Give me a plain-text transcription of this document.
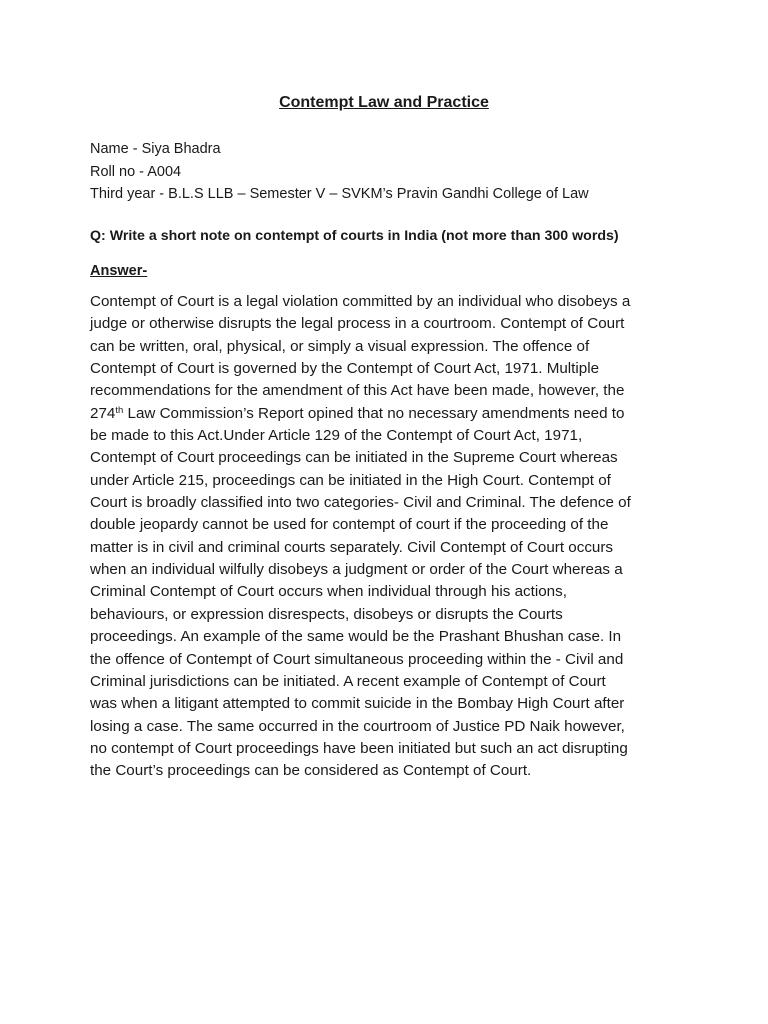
Contempt Law and Practice
Name - Siya Bhadra
Roll no - A004
Third year - B.L.S LLB – Semester V – SVKM’s Pravin Gandhi College of Law
Q: Write a short note on contempt of courts in India (not more than 300 words)
Answer-
Contempt of Court is a legal violation committed by an individual who disobeys a
judge or otherwise disrupts the legal process in a courtroom. Contempt of Court
can be written, oral, physical, or simply a visual expression. The offence of
Contempt of Court is governed by the Contempt of Court Act, 1971. Multiple
recommendations for the amendment of this Act have been made, however, the
274th Law Commission’s Report opined that no necessary amendments need to
be made to this Act.Under Article 129 of the Contempt of Court Act, 1971,
Contempt of Court proceedings can be initiated in the Supreme Court whereas
under Article 215, proceedings can be initiated in the High Court. Contempt of
Court is broadly classified into two categories- Civil and Criminal. The defence of
double jeopardy cannot be used for contempt of court if the proceeding of the
matter is in civil and criminal courts separately. Civil Contempt of Court occurs
when an individual wilfully disobeys a judgment or order of the Court whereas a
Criminal Contempt of Court occurs when individual through his actions,
behaviours, or expression disrespects, disobeys or disrupts the Courts
proceedings. An example of the same would be the Prashant Bhushan case. In
the offence of Contempt of Court simultaneous proceeding within the - Civil and
Criminal jurisdictions can be initiated. A recent example of Contempt of Court
was when a litigant attempted to commit suicide in the Bombay High Court after
losing a case. The same occurred in the courtroom of Justice PD Naik however,
no contempt of Court proceedings have been initiated but such an act disrupting
the Court’s proceedings can be considered as Contempt of Court.
